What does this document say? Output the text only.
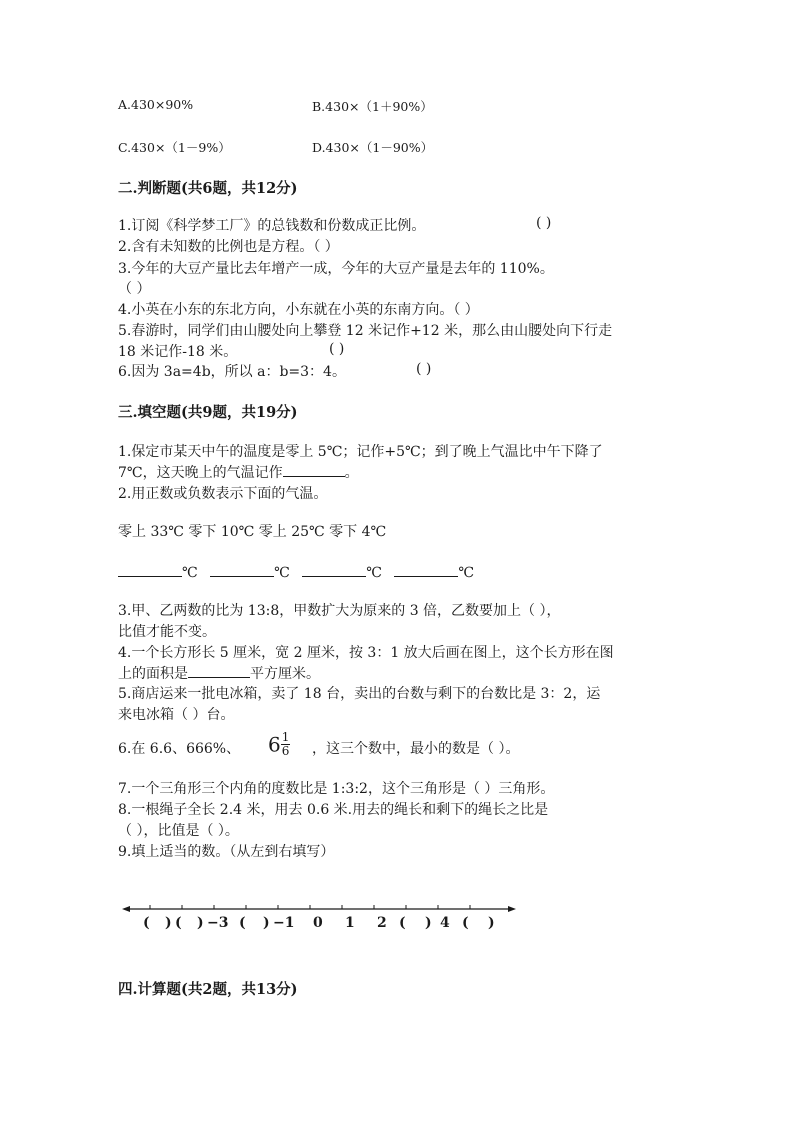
A.430×90%	B.430×（1＋90%）
C.430×（1－9%）	D.430×（1－90%）
二.判断题(共6题，共12分)
1.订阅《科学梦工厂》的总钱数和份数成正比例。	( )
2.含有未知数的比例也是方程。（ ）
3.今年的大豆产量比去年增产一成，今年的大豆产量是去年的 110%。
（ ）
4.小英在小东的东北方向，小东就在小英的东南方向。（ ）
5.春游时，同学们由山腰处向上攀登 12 米记作+12 米，那么由山腰处向下行走
18 米记作-18 米。	( )
6.因为 3a=4b，所以 a：b=3：4。	( )
三.填空题(共9题，共19分)
1.保定市某天中午的温度是零上 5℃；记作+5℃；到了晚上气温比中午下降了
7℃，这天晚上的气温记作	。
2.用正数或负数表示下面的气温。
零上 33℃ 零下 10℃ 零上 25℃ 零下 4℃
℃	℃	℃	℃
3.甲、乙两数的比为 13:8，甲数扩大为原来的 3 倍，乙数要加上（ ），
比值才能不变。
4.一个长方形长 5 厘米，宽 2 厘米，按 3：1 放大后画在图上，这个长方形在图
上的面积是	平方厘米。
5.商店运来一批电冰箱，卖了 18 台，卖出的台数与剩下的台数比是 3：2，运
来电冰箱（ ）台。
6.在 6.6、666%、 $6 \frac{1}{6}$ ，这三个数中，最小的数是（ ）。
7.一个三角形三个内角的度数比是 1:3:2，这个三角形是（ ）三角形。
8.一根绳子全长 2.4 米，用去 0.6 米.用去的绳长和剩下的绳长之比是
（ ），比值是（ ）。
9.填上适当的数。（从左到右填写）
( ) ( ) −3 ( ) −1 0 1 2 ( ) 4 ( )
四.计算题(共2题，共13分)
